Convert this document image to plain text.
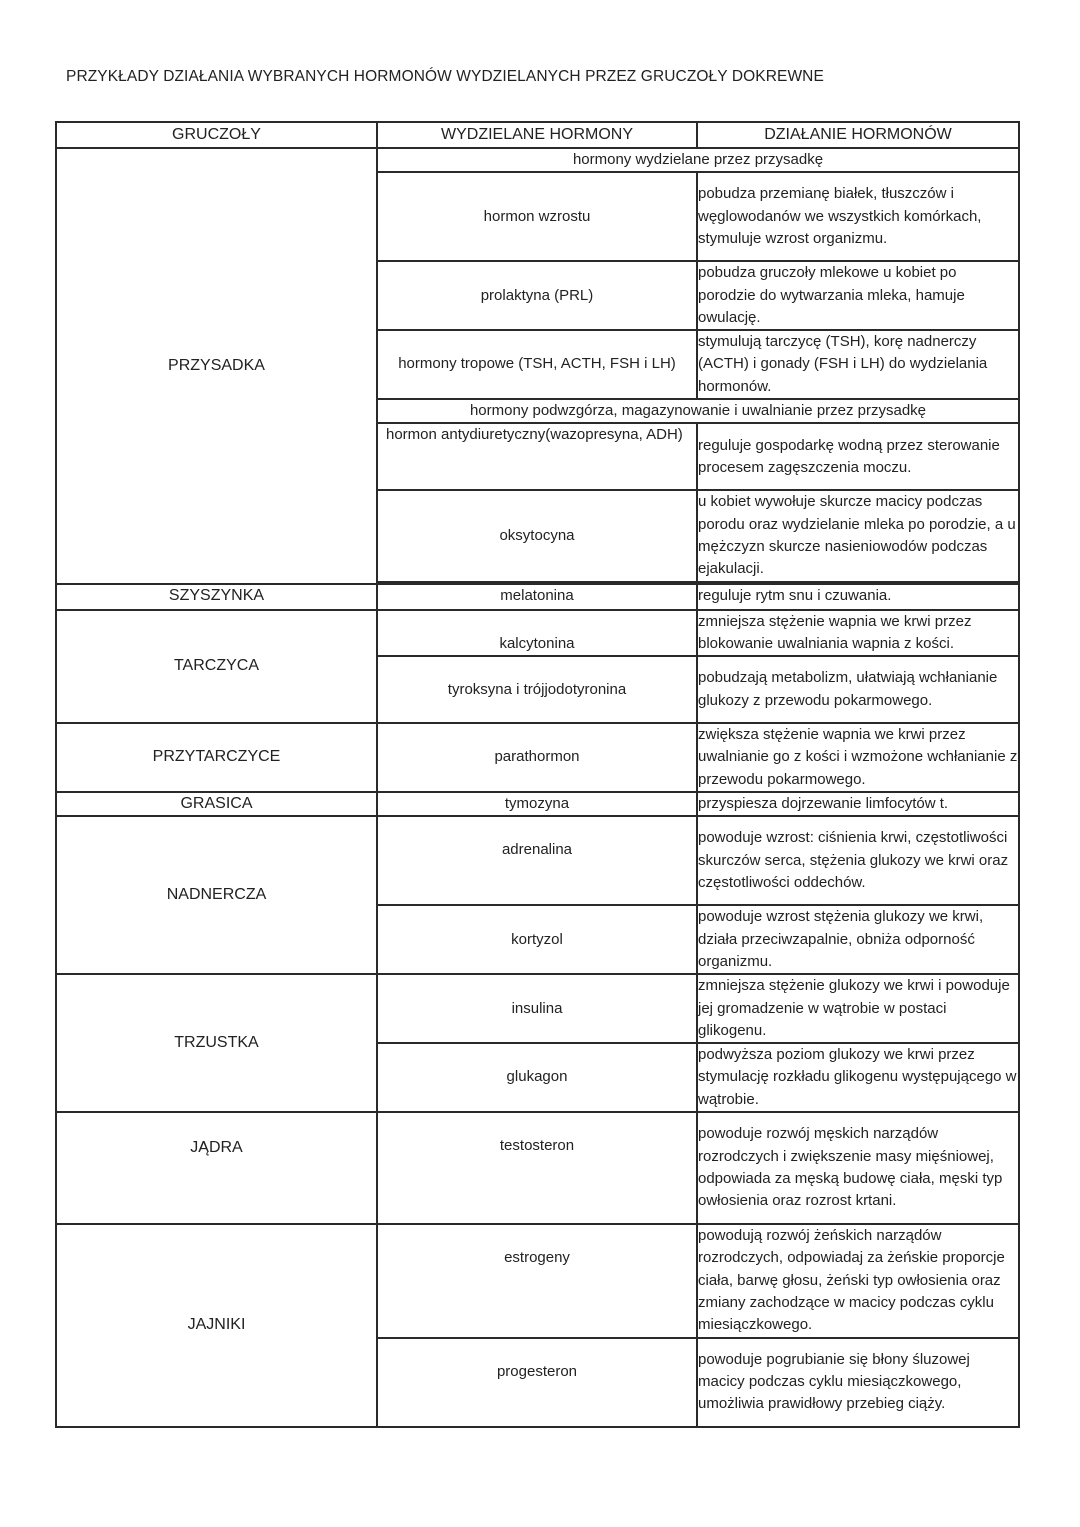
PRZYKŁADY DZIAŁANIA WYBRANYCH HORMONÓW WYDZIELANYCH PRZEZ GRUCZOŁY DOKREWNE
GRUCZOŁY	WYDZIELANE HORMONY	DZIAŁANIE HORMONÓW
PRZYSADKA	hormony wydzielane przez przysadkę	
	hormon wzrostu	pobudza przemianę białek, tłuszczów i węglowodanów we wszystkich komórkach, stymuluje wzrost organizmu.
	prolaktyna (PRL)	pobudza gruczoły mlekowe u kobiet po porodzie do wytwarzania mleka, hamuje owulację.
	hormony tropowe (TSH, ACTH, FSH i LH)	stymulują tarczycę (TSH), korę nadnerczy (ACTH) i gonady (FSH i LH) do wydzielania hormonów.
	hormony podwzgórza, magazynowanie i uwalnianie przez przysadkę	
	hormon antydiuretyczny(wazopresyna, ADH)	reguluje gospodarkę wodną przez sterowanie procesem zagęszczenia moczu.
	oksytocyna	u kobiet wywołuje skurcze macicy podczas porodu oraz wydzielanie mleka po porodzie, a u mężczyzn skurcze nasieniowodów podczas ejakulacji.

SZYSZYNKA	melatonina	reguluje rytm snu i czuwania.
TARCZYCA	kalcytonina	zmniejsza stężenie wapnia we krwi przez blokowanie uwalniania wapnia z kości.
	tyroksyna i trójjodotyronina	pobudzają metabolizm, ułatwiają wchłanianie glukozy z przewodu pokarmowego.
PRZYTARCZYCE	parathormon	zwiększa stężenie wapnia we krwi przez uwalnianie go z kości i wzmożone wchłanianie z przewodu pokarmowego.
GRASICA	tymozyna	przyspiesza dojrzewanie limfocytów t.
NADNERCZA	adrenalina	powoduje wzrost: ciśnienia krwi, częstotliwości skurczów serca, stężenia glukozy we krwi oraz częstotliwości oddechów.
	kortyzol	powoduje wzrost stężenia glukozy we krwi, działa przeciwzapalnie, obniża odporność organizmu.
TRZUSTKA	insulina	zmniejsza stężenie glukozy we krwi i powoduje jej gromadzenie w wątrobie w postaci glikogenu.
	glukagon	podwyższa poziom glukozy we krwi przez stymulację rozkładu glikogenu występującego w wątrobie.
JĄDRA	testosteron	powoduje rozwój męskich narządów rozrodczych i zwiększenie masy mięśniowej, odpowiada za męską budowę ciała, męski typ owłosienia oraz rozrost krtani.
JAJNIKI	estrogeny	powodują rozwój żeńskich narządów rozrodczych, odpowiadaj za żeńskie proporcje ciała, barwę głosu, żeński typ owłosienia oraz zmiany zachodzące w macicy podczas cyklu miesiączkowego.
	progesteron	powoduje pogrubianie się błony śluzowej macicy podczas cyklu miesiączkowego, umożliwia prawidłowy przebieg ciąży.
